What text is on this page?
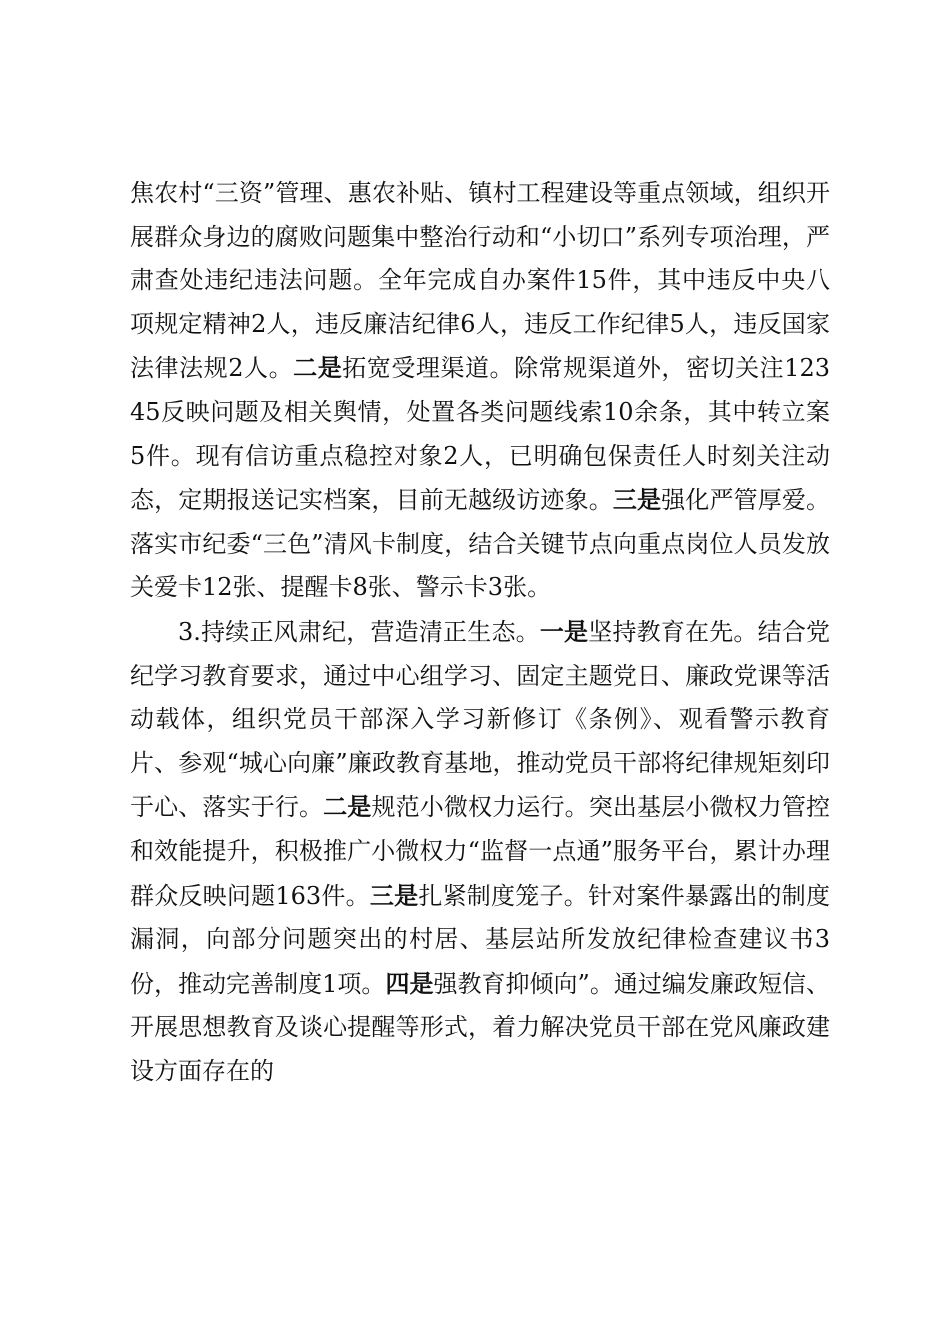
焦农村“三资”管理、惠农补贴、镇村工程建设等重点领域，组织开展群众身边的腐败问题集中整治行动和“小切口”系列专项治理，严肃查处违纪违法问题。全年完成自办案件15件，其中违反中央八项规定精神2人，违反廉洁纪律6人，违反工作纪律5人，违反国家法律法规2人。二是拓宽受理渠道。除常规渠道外，密切关注12345反映问题及相关舆情，处置各类问题线索10余条，其中转立案5件。现有信访重点稳控对象2人，已明确包保责任人时刻关注动态，定期报送记实档案，目前无越级访迹象。三是强化严管厚爱。落实市纪委“三色”清风卡制度，结合关键节点向重点岗位人员发放关爱卡12张、提醒卡8张、警示卡3张。

3.持续正风肃纪，营造清正生态。一是坚持教育在先。结合党纪学习教育要求，通过中心组学习、固定主题党日、廉政党课等活动载体，组织党员干部深入学习新修订《条例》、观看警示教育片、参观“城心向廉”廉政教育基地，推动党员干部将纪律规矩刻印于心、落实于行。二是规范小微权力运行。突出基层小微权力管控和效能提升，积极推广小微权力“监督一点通”服务平台，累计办理群众反映问题163件。三是扎紧制度笼子。针对案件暴露出的制度漏洞，向部分问题突出的村居、基层站所发放纪律检查建议书3份，推动完善制度1项。四是强教育抑倾向”。通过编发廉政短信、开展思想教育及谈心提醒等形式，着力解决党员干部在党风廉政建设方面存在的
